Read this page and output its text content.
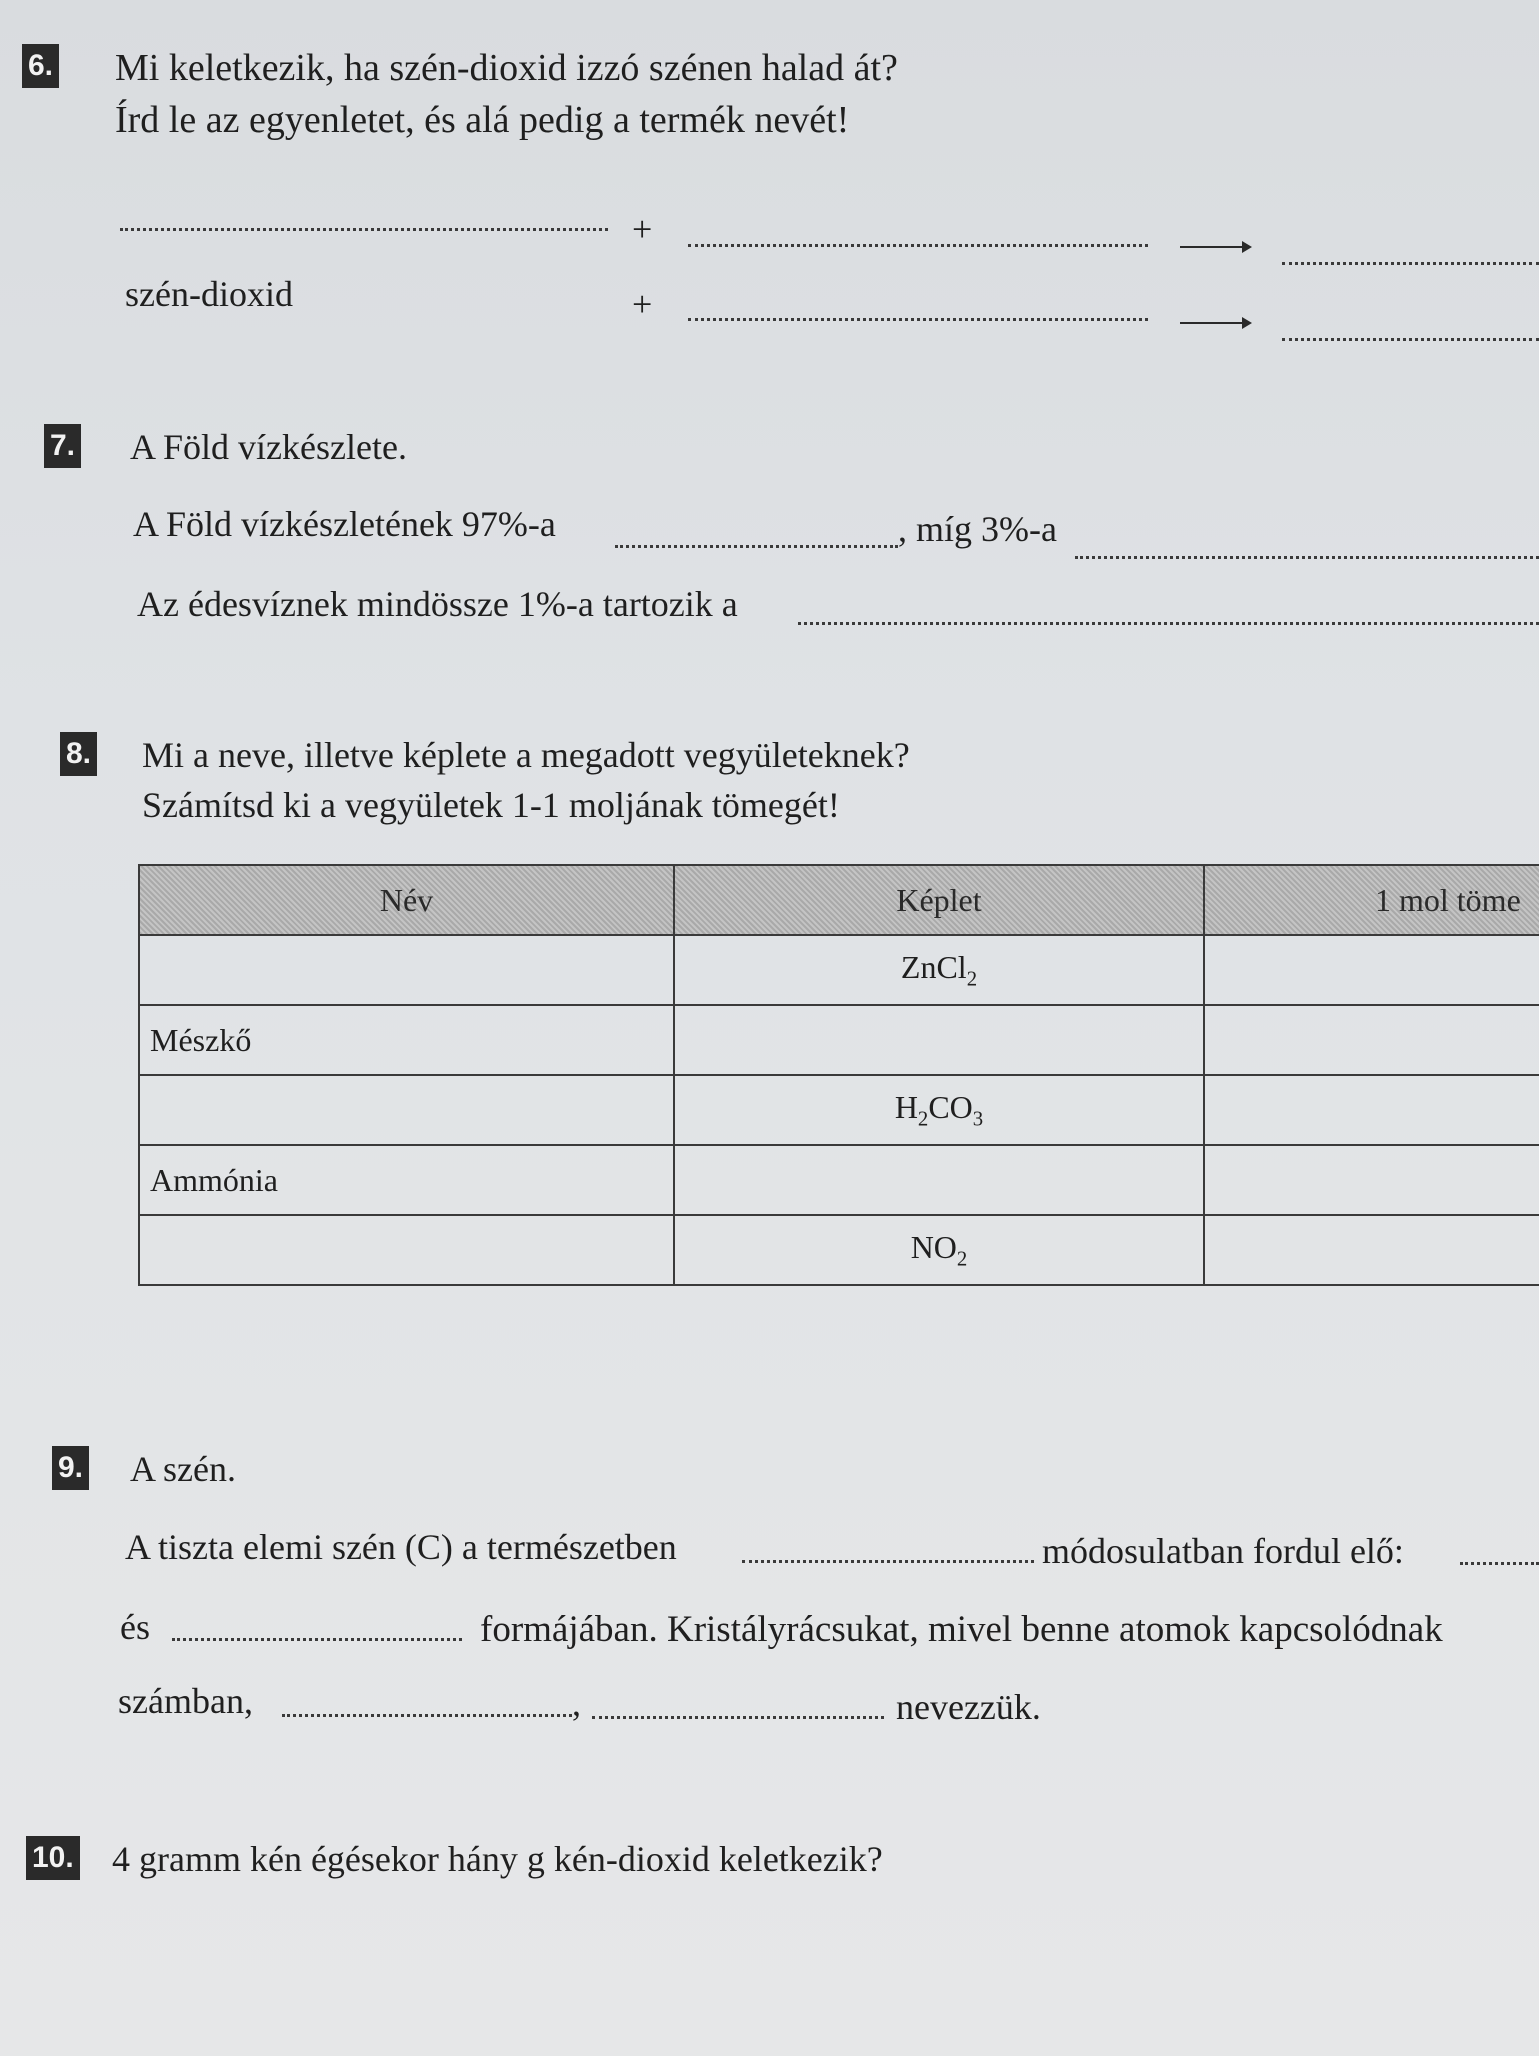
6. Mi keletkezik, ha szén-dioxid izzó szénen halad át?
Írd le az egyenletet, és alá pedig a termék nevét!
+
szén-dioxid	+
7. A Föld vízkészlete.
A Föld vízkészletének 97%-a	, míg 3%-a
Az édesvíznek mindössze 1%-a tartozik a
8. Mi a neve, illetve képlete a megadott vegyületeknek?
Számítsd ki a vegyületek 1-1 moljának tömegét!
Név	Képlet	1 mol töme
	ZnCl$_2$	
Mészkő		
	$H_2CO_3$	
Ammónia		
	$NO_2$	
9. A szén.
A tiszta elemi szén (C) a természetben	módosulatban fordul elő:
és	formájában. Kristályrácsukat, mivel benne atomok kapcsolódnak
számban,	,	nevezzük.
10. 4 gramm kén égésekor hány g kén-dioxid keletkezik?
